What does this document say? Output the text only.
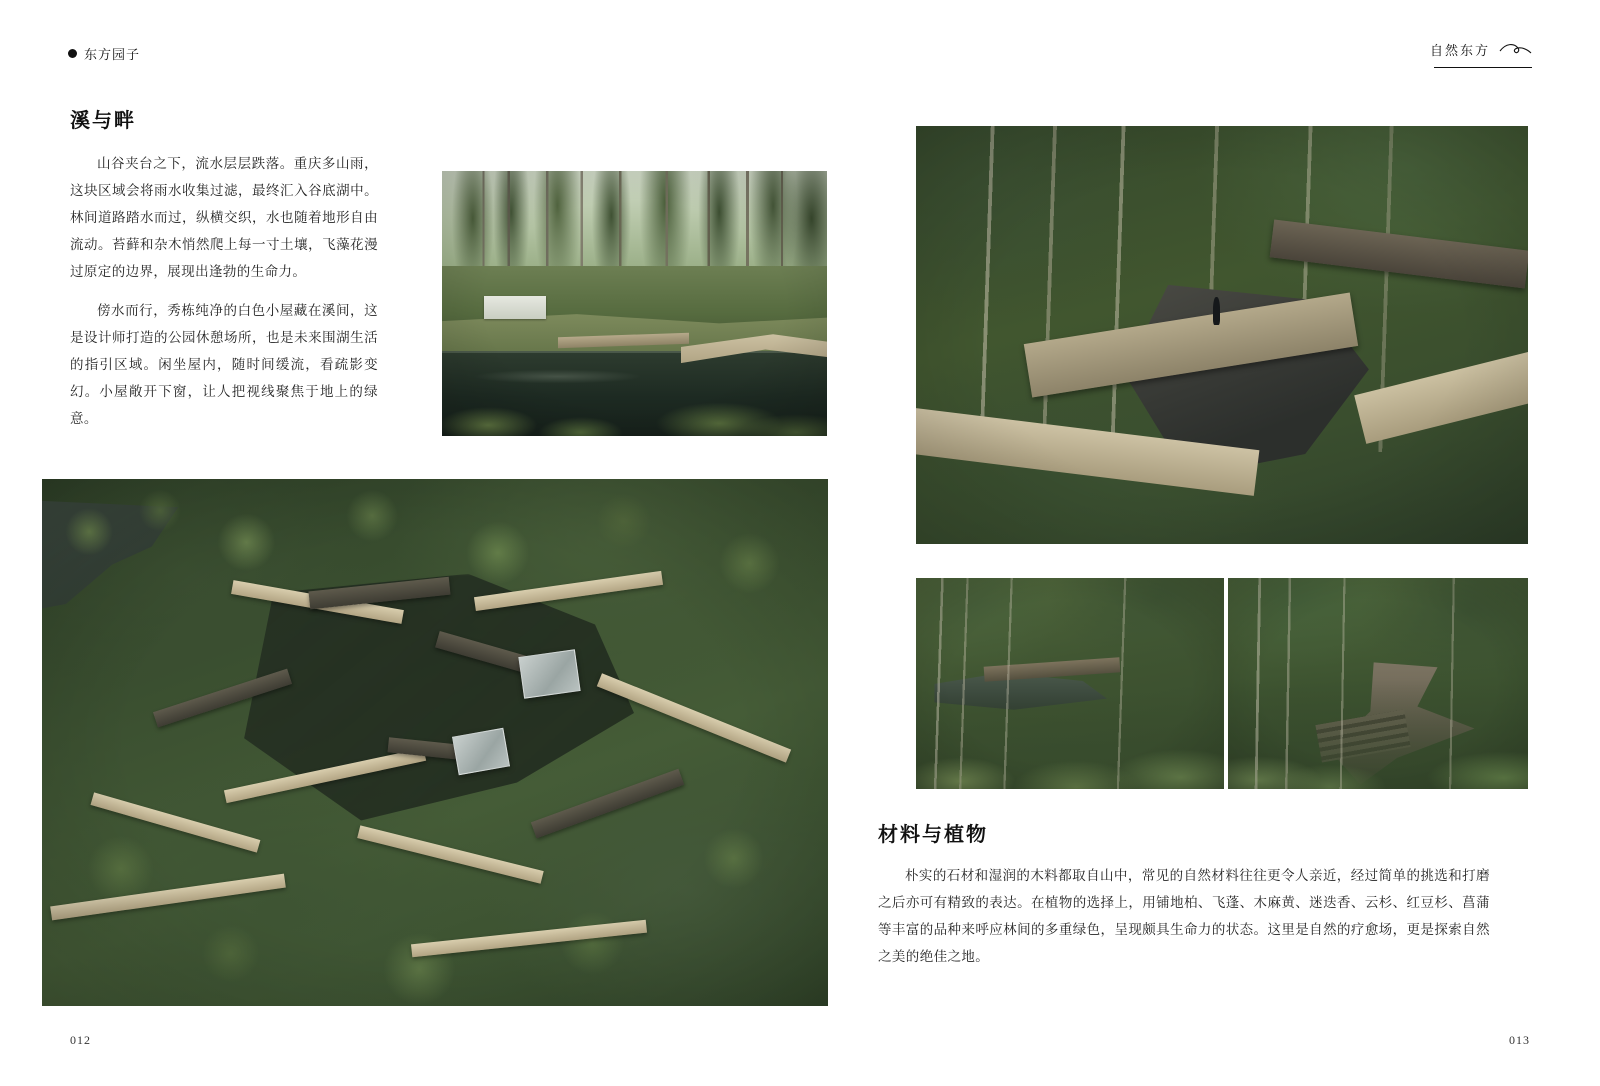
东方园子	自然东方
溪与畔

山谷夹台之下，流水层层跌落。重庆多山雨，这块区域会将雨水收集过滤，最终汇入谷底湖中。林间道路踏水而过，纵横交织，水也随着地形自由流动。苔藓和杂木悄然爬上每一寸土壤，飞藻花漫过原定的边界，展现出逢勃的生命力。

傍水而行，秀栋纯净的白色小屋藏在溪间，这是设计师打造的公园休憩场所，也是未来围湖生活的指引区域。闲坐屋内，随时间缓流，看疏影变幻。小屋敞开下窗，让人把视线聚焦于地上的绿意。

材料与植物

朴实的石材和湿润的木料都取自山中，常见的自然材料往往更令人亲近，经过简单的挑选和打磨之后亦可有精致的表达。在植物的选择上，用铺地柏、飞蓬、木麻黄、迷迭香、云杉、红豆杉、菖蒲等丰富的品种来呼应林间的多重绿色，呈现颇具生命力的状态。这里是自然的疗愈场，更是探索自然之美的绝佳之地。

012	013
